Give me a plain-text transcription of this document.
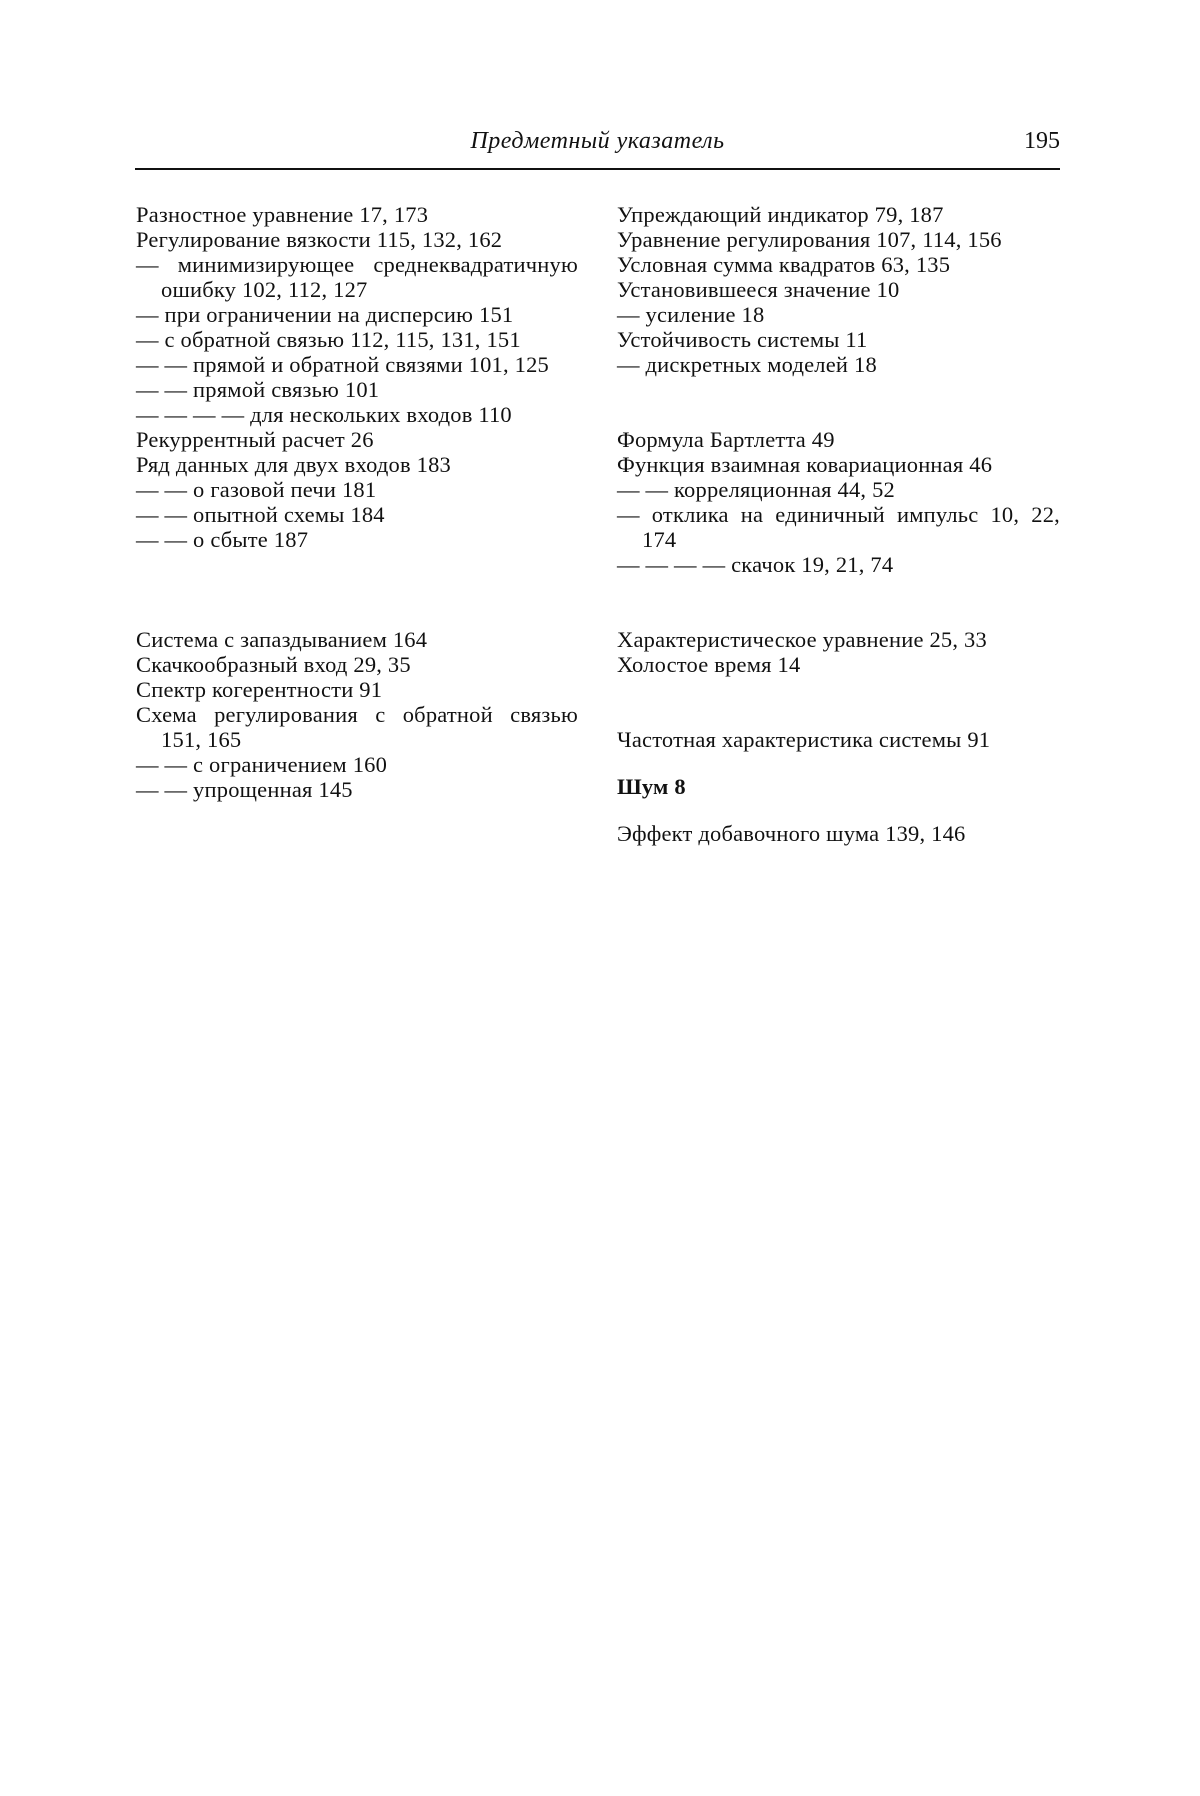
Предметный указатель	195
Разностное уравнение 17, 173
Регулирование вязкости 115, 132, 162
— минимизирующее среднеквадратичную ошибку 102, 112, 127
— при ограничении на дисперсию 151
— с обратной связью 112, 115, 131, 151
— — прямой и обратной связями 101, 125
— — прямой связью 101
— — — — для нескольких входов 110
Рекуррентный расчет 26
Ряд данных для двух входов 183
— — о газовой печи 181
— — опытной схемы 184
— — о сбыте 187
Система с запаздыванием 164
Скачкообразный вход 29, 35
Спектр когерентности 91
Схема регулирования с обратной связью 151, 165
— — с ограничением 160
— — упрощенная 145
Упреждающий индикатор 79, 187
Уравнение регулирования 107, 114, 156
Условная сумма квадратов 63, 135
Установившееся значение 10
— усиление 18
Устойчивость системы 11
— дискретных моделей 18
Формула Бартлетта 49
Функция взаимная ковариационная 46
— — корреляционная 44, 52
— отклика на единичный импульс 10, 22, 174
— — — — скачок 19, 21, 74
Характеристическое уравнение 25, 33
Холостое время 14
Частотная характеристика системы 91
Шум 8
Эффект добавочного шума 139, 146
